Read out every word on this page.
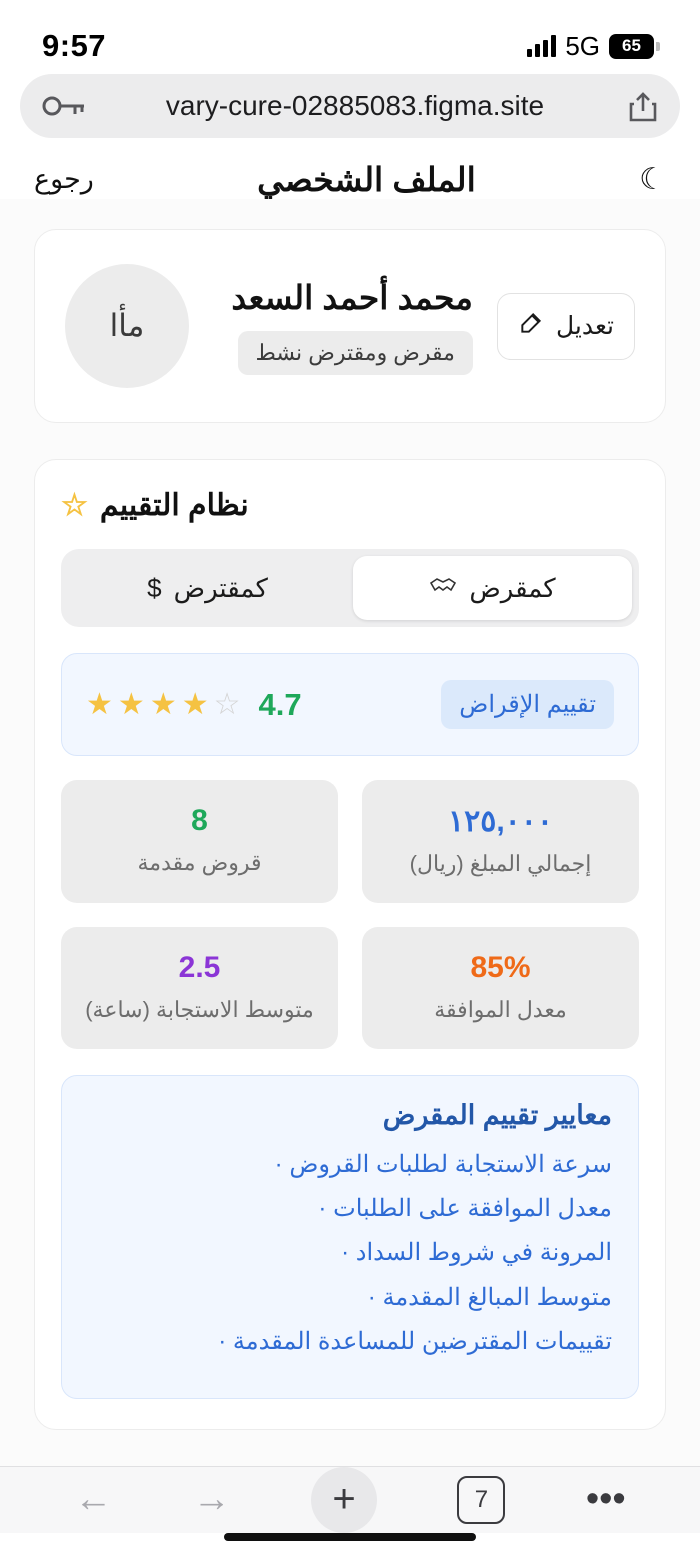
9:57	5G 65
vary-cure-02885083.figma.site
☾
الملف الشخصي
رجوع
تعديل
محمد أحمد السعد
مقرض ومقترض نشط
مأا
نظام التقييم
☆
كمقرض
كمقترض
$
تقييم الإقراض
4.7
☆
★
★
★
★
١٢٥,٠٠٠
إجمالي المبلغ (ريال)
8
قروض مقدمة
85%
معدل الموافقة
2.5
متوسط الاستجابة (ساعة)
معايير تقييم المقرض
سرعة الاستجابة لطلبات القروض ·
معدل الموافقة على الطلبات ·
المرونة في شروط السداد ·
متوسط المبالغ المقدمة ·
تقييمات المقترضين للمساعدة المقدمة ·
← →	+	7	•••
